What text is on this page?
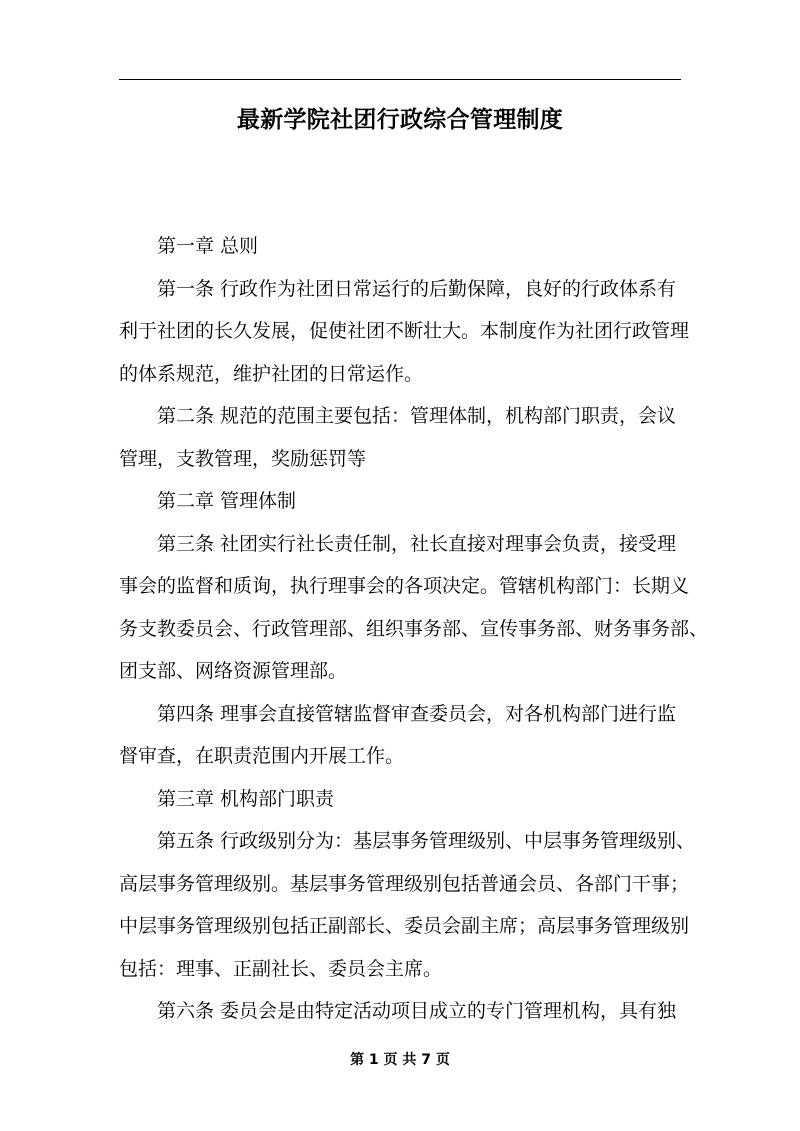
最新学院社团行政综合管理制度

第一章 总则

第一条 行政作为社团日常运行的后勤保障，良好的行政体系有
利于社团的长久发展，促使社团不断壮大。本制度作为社团行政管理
的体系规范，维护社团的日常运作。

第二条 规范的范围主要包括：管理体制，机构部门职责，会议
管理，支教管理，奖励惩罚等

第二章 管理体制

第三条 社团实行社长责任制，社长直接对理事会负责，接受理
事会的监督和质询，执行理事会的各项决定。管辖机构部门：长期义
务支教委员会、行政管理部、组织事务部、宣传事务部、财务事务部、
团支部、网络资源管理部。

第四条 理事会直接管辖监督审查委员会，对各机构部门进行监
督审查，在职责范围内开展工作。

第三章 机构部门职责

第五条 行政级别分为：基层事务管理级别、中层事务管理级别、
高层事务管理级别。基层事务管理级别包括普通会员、各部门干事；
中层事务管理级别包括正副部长、委员会副主席；高层事务管理级别
包括：理事、正副社长、委员会主席。

第六条 委员会是由特定活动项目成立的专门管理机构，具有独

第 1 页 共 7 页
